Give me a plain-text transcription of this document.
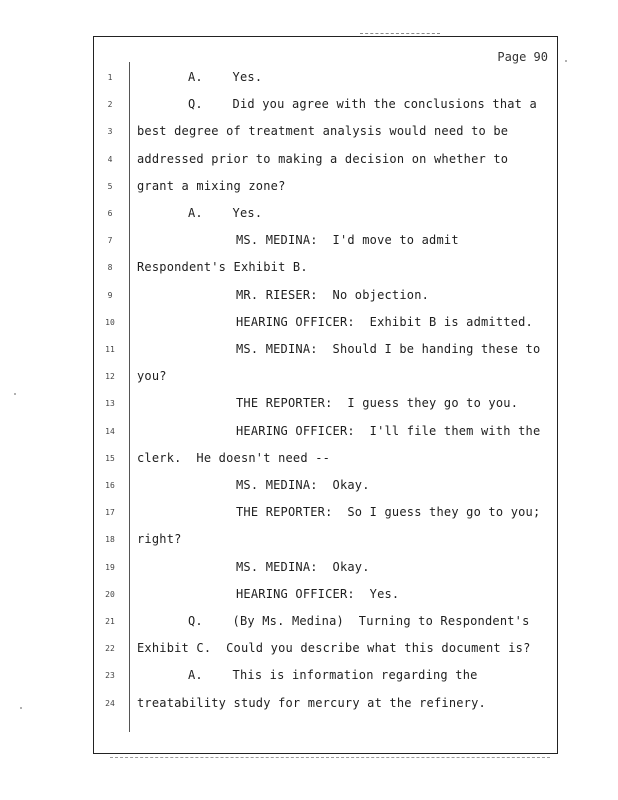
Page 90
1	A.    Yes.
2	Q.    Did you agree with the conclusions that a
3	best degree of treatment analysis would need to be
4	addressed prior to making a decision on whether to
5	grant a mixing zone?
6	A.    Yes.
7	MS. MEDINA:  I'd move to admit
8	Respondent's Exhibit B.
9	MR. RIESER:  No objection.
10	HEARING OFFICER:  Exhibit B is admitted.
11	MS. MEDINA:  Should I be handing these to
12	you?
13	THE REPORTER:  I guess they go to you.
14	HEARING OFFICER:  I'll file them with the
15	clerk.  He doesn't need --
16	MS. MEDINA:  Okay.
17	THE REPORTER:  So I guess they go to you;
18	right?
19	MS. MEDINA:  Okay.
20	HEARING OFFICER:  Yes.
21	Q.    (By Ms. Medina)  Turning to Respondent's
22	Exhibit C.  Could you describe what this document is?
23	A.    This is information regarding the
24	treatability study for mercury at the refinery.
